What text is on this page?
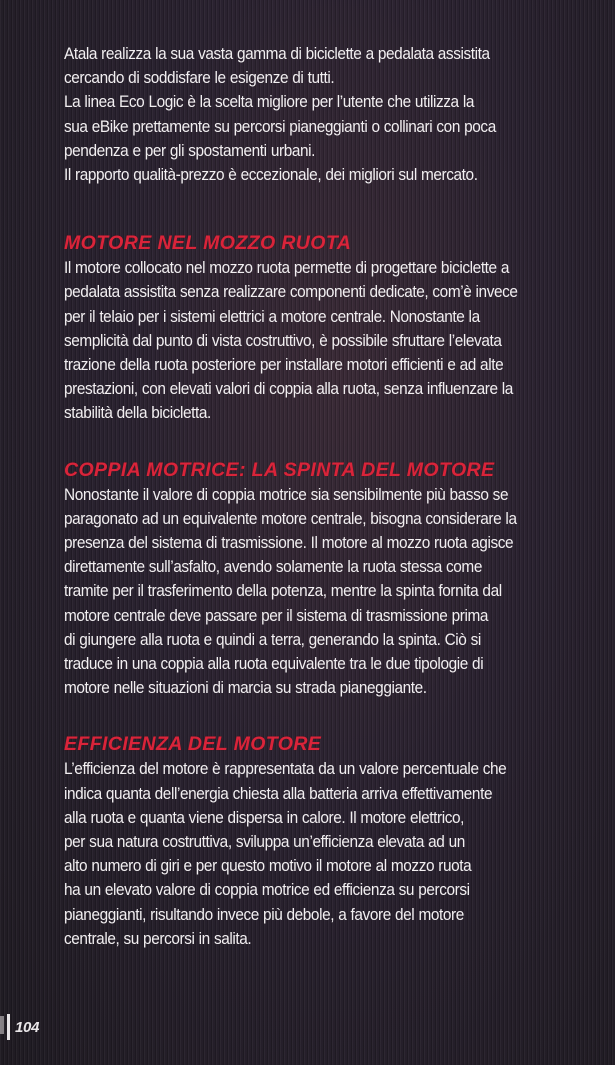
Atala realizza la sua vasta gamma di biciclette a pedalata assistita
cercando di soddisfare le esigenze di tutti.
La linea Eco Logic è la scelta migliore per l’utente che utilizza la
sua eBike prettamente su percorsi pianeggianti o collinari con poca
pendenza e per gli spostamenti urbani.
Il rapporto qualità-prezzo è eccezionale, dei migliori sul mercato.
MOTORE NEL MOZZO RUOTA
Il motore collocato nel mozzo ruota permette di progettare biciclette a
pedalata assistita senza realizzare componenti dedicate, com’è invece
per il telaio per i sistemi elettrici a motore centrale. Nonostante la
semplicità dal punto di vista costruttivo, è possibile sfruttare l’elevata
trazione della ruota posteriore per installare motori efficienti e ad alte
prestazioni, con elevati valori di coppia alla ruota, senza influenzare la
stabilità della bicicletta.
COPPIA MOTRICE: LA SPINTA DEL MOTORE
Nonostante il valore di coppia motrice sia sensibilmente più basso se
paragonato ad un equivalente motore centrale, bisogna considerare la
presenza del sistema di trasmissione. Il motore al mozzo ruota agisce
direttamente sull’asfalto, avendo solamente la ruota stessa come
tramite per il trasferimento della potenza, mentre la spinta fornita dal
motore centrale deve passare per il sistema di trasmissione prima
di giungere alla ruota e quindi a terra, generando la spinta. Ciò si
traduce in una coppia alla ruota equivalente tra le due tipologie di
motore nelle situazioni di marcia su strada pianeggiante.
EFFICIENZA DEL MOTORE
L’efficienza del motore è rappresentata da un valore percentuale che
indica quanta dell’energia chiesta alla batteria arriva effettivamente
alla ruota e quanta viene dispersa in calore. Il motore elettrico,
per sua natura costruttiva, sviluppa un’efficienza elevata ad un
alto numero di giri e per questo motivo il motore al mozzo ruota
ha un elevato valore di coppia motrice ed efficienza su percorsi
pianeggianti, risultando invece più debole, a favore del motore
centrale, su percorsi in salita.
104
